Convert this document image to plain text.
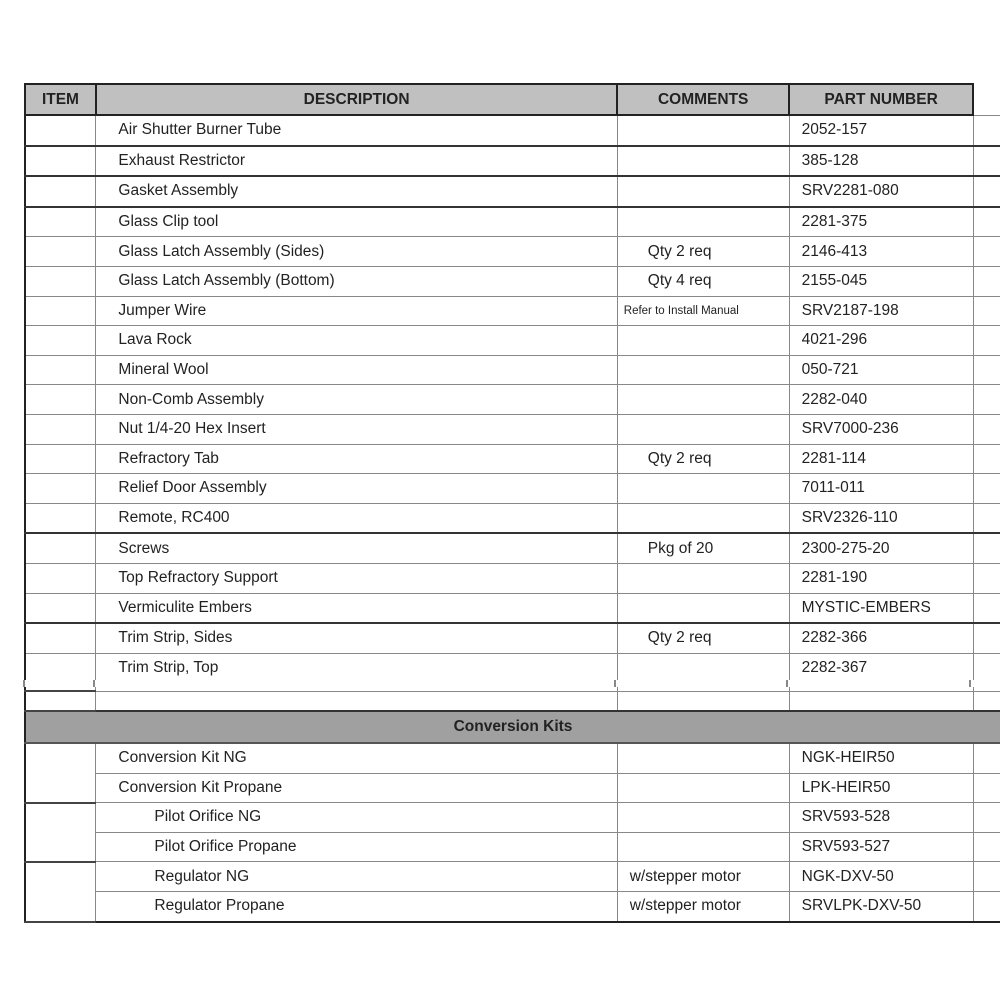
ITEM	DESCRIPTION	COMMENTS	PART NUMBER	
	Air Shutter Burner Tube		2052-157	
	Exhaust Restrictor		385-128	
	Gasket Assembly		SRV2281-080	
	Glass Clip tool		2281-375	
	Glass Latch Assembly (Sides)	Qty 2 req	2146-413	
	Glass Latch Assembly (Bottom)	Qty 4 req	2155-045	
	Jumper Wire	Refer to Install Manual	SRV2187-198	
	Lava Rock		4021-296	
	Mineral Wool		050-721	
	Non-Comb Assembly		2282-040	
	Nut 1/4-20 Hex Insert		SRV7000-236	
	Refractory Tab	Qty 2 req	2281-114	
	Relief Door Assembly		7011-011	
	Remote, RC400		SRV2326-110	
	Screws	Pkg of 20	2300-275-20	
	Top Refractory Support		2281-190	
	Vermiculite Embers		MYSTIC-EMBERS	
	Trim Strip, Sides	Qty 2 req	2282-366	
	Trim Strip, Top		2282-367	

Conversion Kits				
	Conversion Kit NG		NGK-HEIR50	
	Conversion Kit Propane		LPK-HEIR50	
	Pilot Orifice NG		SRV593-528	
	Pilot Orifice Propane		SRV593-527	
	Regulator NG	w/stepper motor	NGK-DXV-50	
	Regulator Propane	w/stepper motor	SRVLPK-DXV-50	
